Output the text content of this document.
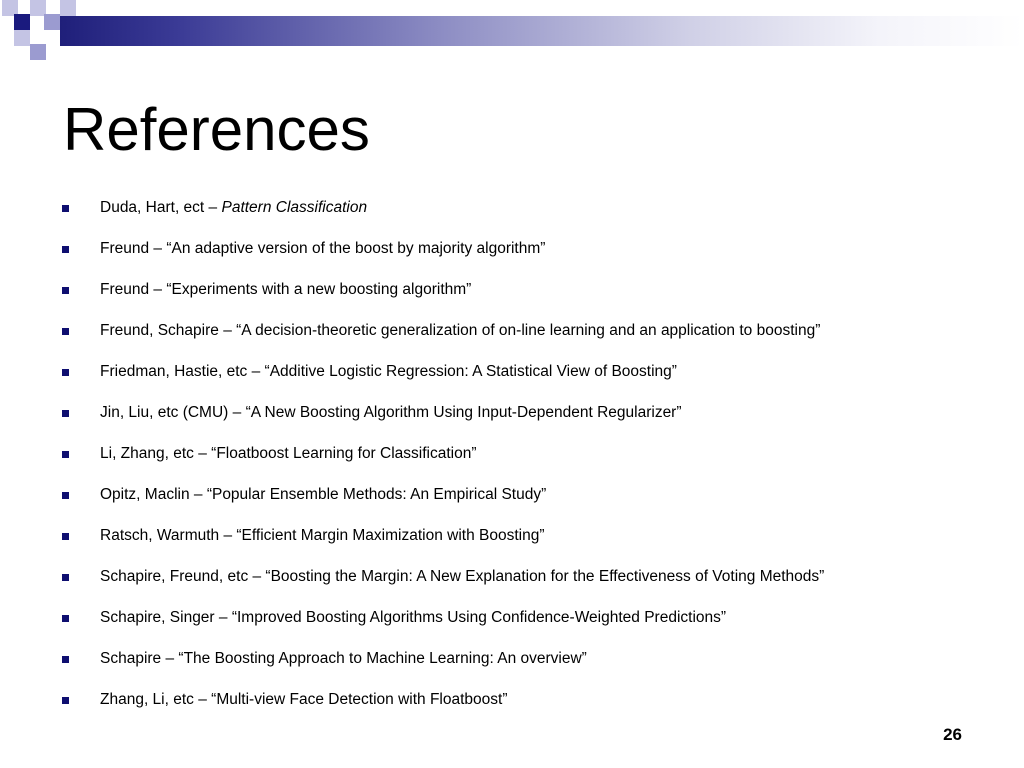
References
Duda, Hart, ect – Pattern Classification
Freund – “An adaptive version of the boost by majority algorithm”
Freund – “Experiments with a new boosting algorithm”
Freund, Schapire – “A decision-theoretic generalization of on-line learning and an application to boosting”
Friedman, Hastie, etc – “Additive Logistic Regression: A Statistical View of Boosting”
Jin, Liu, etc (CMU) – “A New Boosting Algorithm Using Input-Dependent Regularizer”
Li, Zhang, etc – “Floatboost Learning for Classification”
Opitz, Maclin – “Popular Ensemble Methods: An Empirical Study”
Ratsch, Warmuth – “Efficient Margin Maximization with Boosting”
Schapire, Freund, etc – “Boosting the Margin: A New Explanation for the Effectiveness of Voting Methods”
Schapire, Singer – “Improved Boosting Algorithms Using Confidence-Weighted Predictions”
Schapire – “The Boosting Approach to Machine Learning: An overview”
Zhang, Li, etc – “Multi-view Face Detection with Floatboost”
26
